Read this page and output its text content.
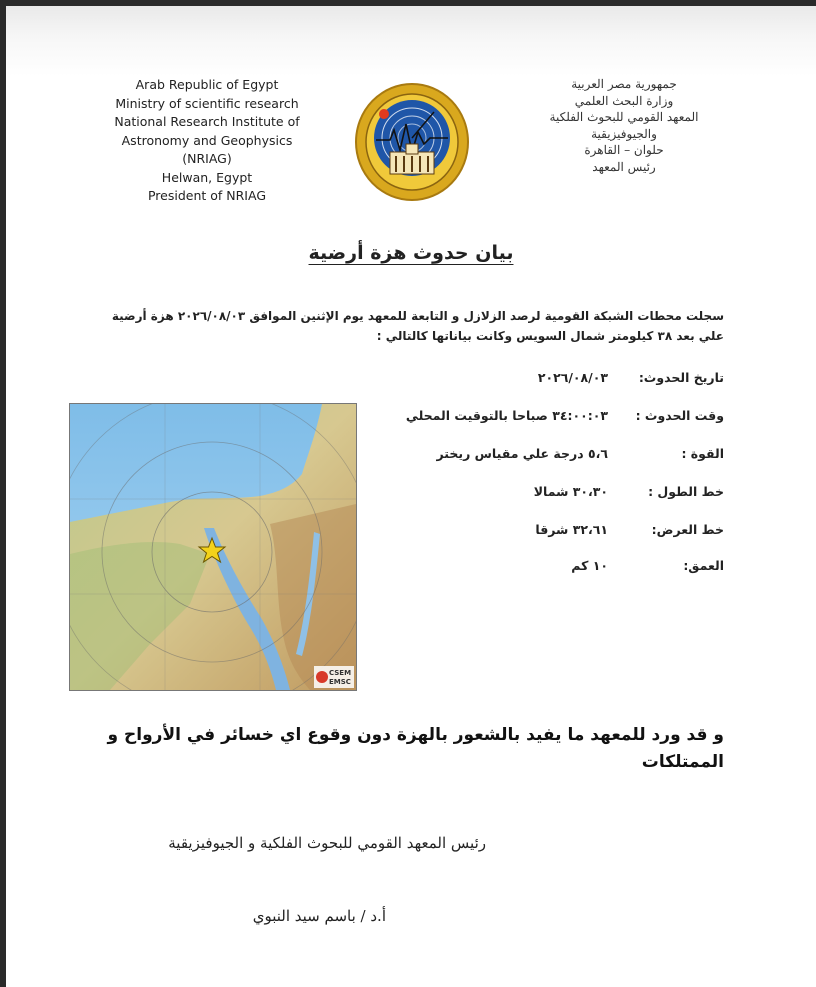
Arab Republic of Egypt
Ministry of scientific research
National Research Institute of
Astronomy and Geophysics
(NRIAG)
Helwan, Egypt
President of NRIAG
جمهورية مصر العربية
وزارة البحث العلمي
المعهد القومي للبحوث الفلكية
والجيوفيزيقية
حلوان – القاهرة
رئيس المعهد
بيان حدوث هزة أرضية
سجلت محطات الشبكة القومية لرصد الزلازل و التابعة للمعهد يوم الإثنين الموافق ٢٠٢٦/٠٨/٠٣ هزة أرضية علي بعد ٣٨ كيلومتر شمال السويس وكانت بياناتها كالتالي :
تاريخ الحدوث:
٢٠٢٦/٠٨/٠٣
وقت الحدوث :
٣٤:٠٠:٠٣ صباحا بالتوقيت المحلي
القوة :
٥،٦ درجة علي مقياس ريختر
خط الطول :
٣٠،٣٠ شمالا
خط العرض:
٣٢،٦١ شرقا
العمق:
١٠ كم
CSEM
EMSC
و قد ورد للمعهد ما يفيد بالشعور بالهزة دون وقوع اي خسائر في الأرواح و الممتلكات
رئيس المعهد القومي للبحوث الفلكية و الجيوفيزيقية
أ.د / باسم سيد النبوي
